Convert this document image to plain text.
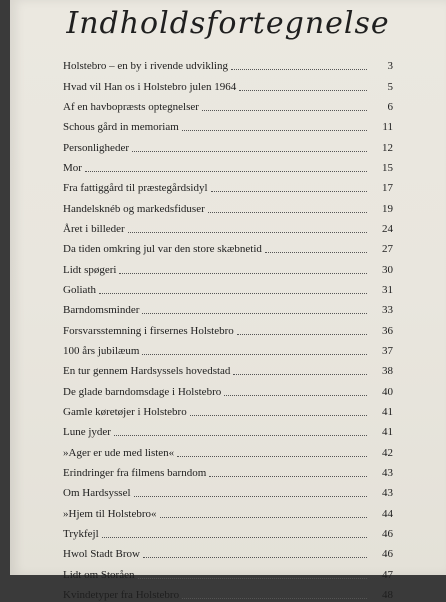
Indholdsfortegnelse
Holstebro – en by i rivende udvikling	3
Hvad vil Han os i Holstebro julen 1964	5
Af en havbopræsts optegnelser	6
Schous gård in memoriam	11
Personligheder	12
Mor	15
Fra fattiggård til præstegårdsidyl	17
Handelsknéb og markedsfiduser	19
Året i billeder	24
Da tiden omkring jul var den store skæbnetid	27
Lidt spøgeri	30
Goliath	31
Barndomsminder	33
Forsvarsstemning i firsernes Holstebro	36
100 års jubilæum	37
En tur gennem Hardsyssels hovedstad	38
De glade barndomsdage i Holstebro	40
Gamle køretøjer i Holstebro	41
Lune jyder	41
»Ager er ude med listen«	42
Erindringer fra filmens barndom	43
Om Hardsyssel	43
»Hjem til Holstebro«	44
Trykfejl	46
Hwol Stadt Brow	46
Lidt om Storåen	47
Kvindetyper fra Holstebro	48
